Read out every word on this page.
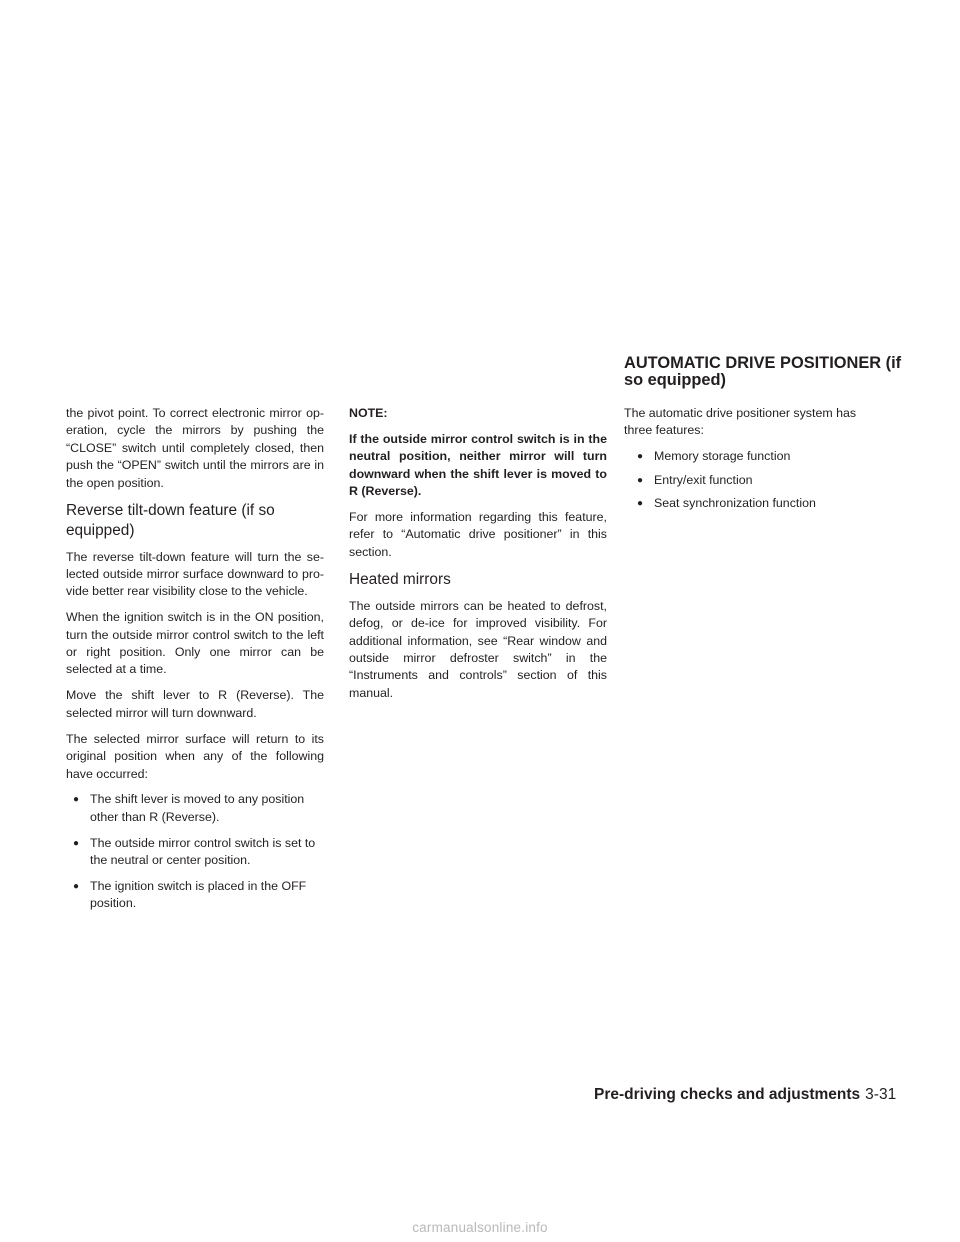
AUTOMATIC DRIVE POSITIONER (if so equipped)

the pivot point. To correct electronic mirror operation, cycle the mirrors by pushing the “CLOSE” switch until completely closed, then push the “OPEN” switch until the mirrors are in the open position.

Reverse tilt-down feature (if so equipped)

The reverse tilt-down feature will turn the selected outside mirror surface downward to provide better rear visibility close to the vehicle.

When the ignition switch is in the ON position, turn the outside mirror control switch to the left or right position. Only one mirror can be selected at a time.

Move the shift lever to R (Reverse). The selected mirror will turn downward.

The selected mirror surface will return to its original position when any of the following have occurred:

● The shift lever is moved to any position other than R (Reverse).
● The outside mirror control switch is set to the neutral or center position.
● The ignition switch is placed in the OFF position.

NOTE:

If the outside mirror control switch is in the neutral position, neither mirror will turn downward when the shift lever is moved to R (Reverse).

For more information regarding this feature, refer to “Automatic drive positioner” in this section.

Heated mirrors

The outside mirrors can be heated to defrost, defog, or de-ice for improved visibility. For additional information, see “Rear window and outside mirror defroster switch” in the “Instruments and controls” section of this manual.

The automatic drive positioner system has three features:

● Memory storage function
● Entry/exit function
● Seat synchronization function
Pre-driving checks and adjustments 3-31
carmanualsonline.info
